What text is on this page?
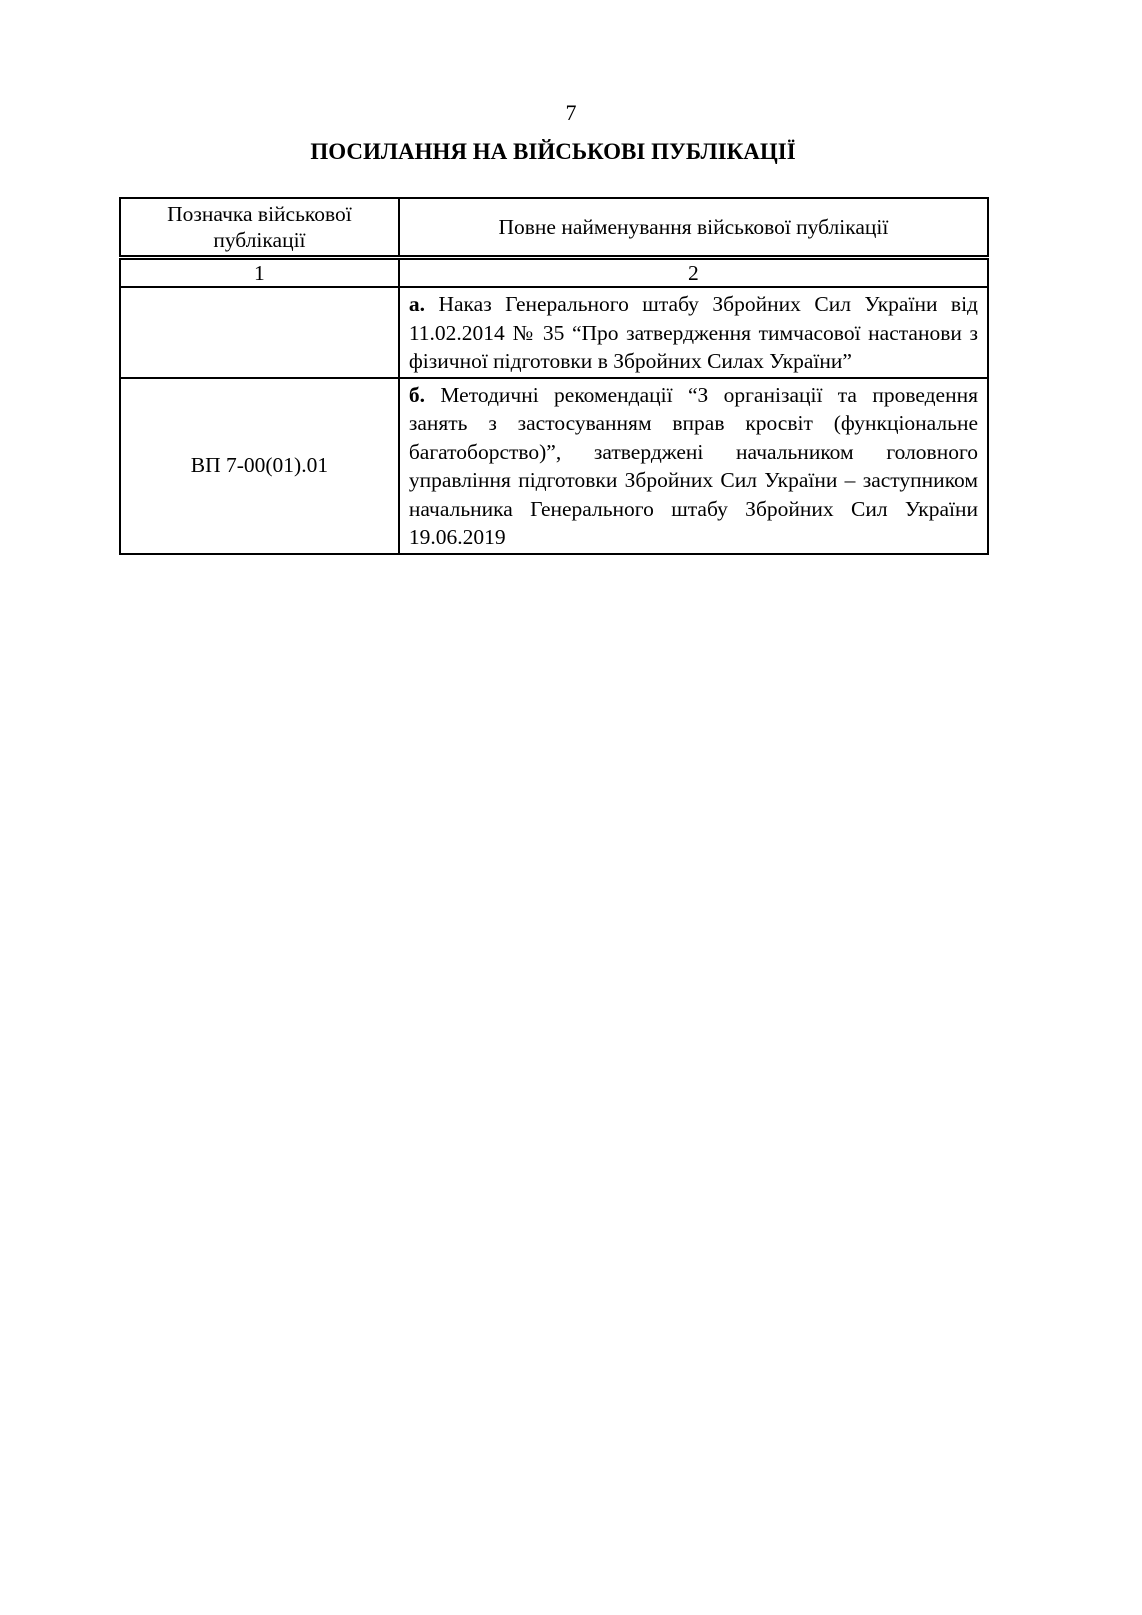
7
ПОСИЛАННЯ НА ВІЙСЬКОВІ ПУБЛІКАЦІЇ
Позначка військової публікації	Повне найменування військової публікації
1	2
	а. Наказ Генерального штабу Збройних Сил України від 11.02.2014 № 35 “Про затвердження тимчасової настанови з фізичної підготовки в Збройних Силах України”
ВП 7-00(01).01	б. Методичні рекомендації “З організації та проведення занять з застосуванням вправ кросвіт (функціональне багатоборство)”, затверджені начальником головного управління підготовки Збройних Сил України – заступником начальника Генерального штабу Збройних Сил України 19.06.2019
